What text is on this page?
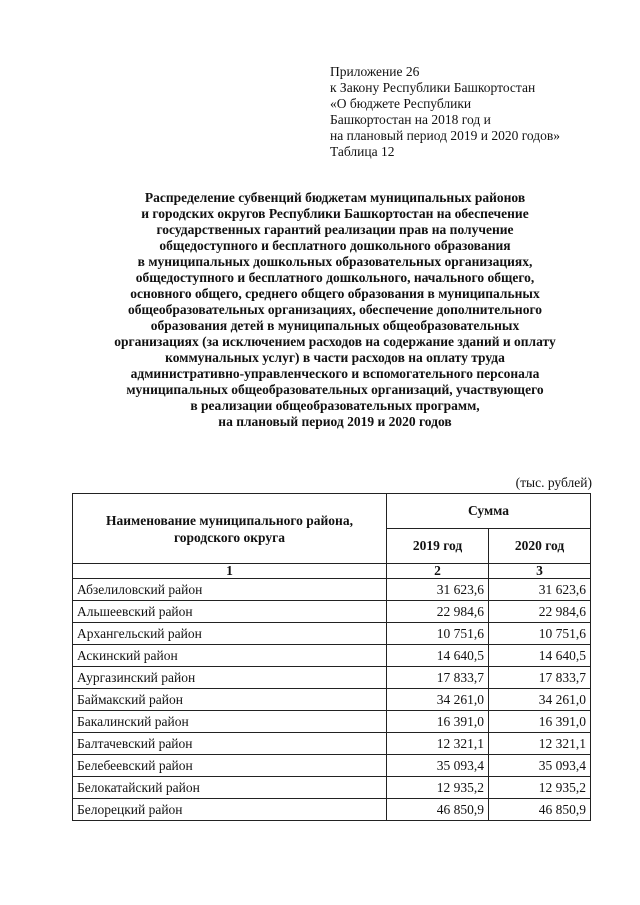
Приложение 26
к Закону Республики Башкортостан
«О бюджете Республики
Башкортостан на 2018 год и
на плановый период 2019 и 2020 годов»
Таблица 12
Распределение субвенций бюджетам муниципальных районов
и городских округов Республики Башкортостан на обеспечение
государственных гарантий реализации прав на получение
общедоступного и бесплатного дошкольного образования
в муниципальных дошкольных образовательных организациях,
общедоступного и бесплатного дошкольного, начального общего,
основного общего, среднего общего образования в муниципальных
общеобразовательных организациях, обеспечение дополнительного
образования детей в муниципальных общеобразовательных
организациях (за исключением расходов на содержание зданий и оплату
коммунальных услуг) в части расходов на оплату труда
административно-управленческого и вспомогательного персонала
муниципальных общеобразовательных организаций, участвующего
в реализации общеобразовательных программ,
на плановый период 2019 и 2020 годов
(тыс. рублей)
Наименование муниципального района, городского округа	Сумма	
	2019 год	2020 год
1	2	3
Абзелиловский район	31 623,6	31 623,6
Альшеевский район	22 984,6	22 984,6
Архангельский район	10 751,6	10 751,6
Аскинский район	14 640,5	14 640,5
Аургазинский район	17 833,7	17 833,7
Баймакский район	34 261,0	34 261,0
Бакалинский район	16 391,0	16 391,0
Балтачевский район	12 321,1	12 321,1
Белебеевский район	35 093,4	35 093,4
Белокатайский район	12 935,2	12 935,2
Белорецкий район	46 850,9	46 850,9
